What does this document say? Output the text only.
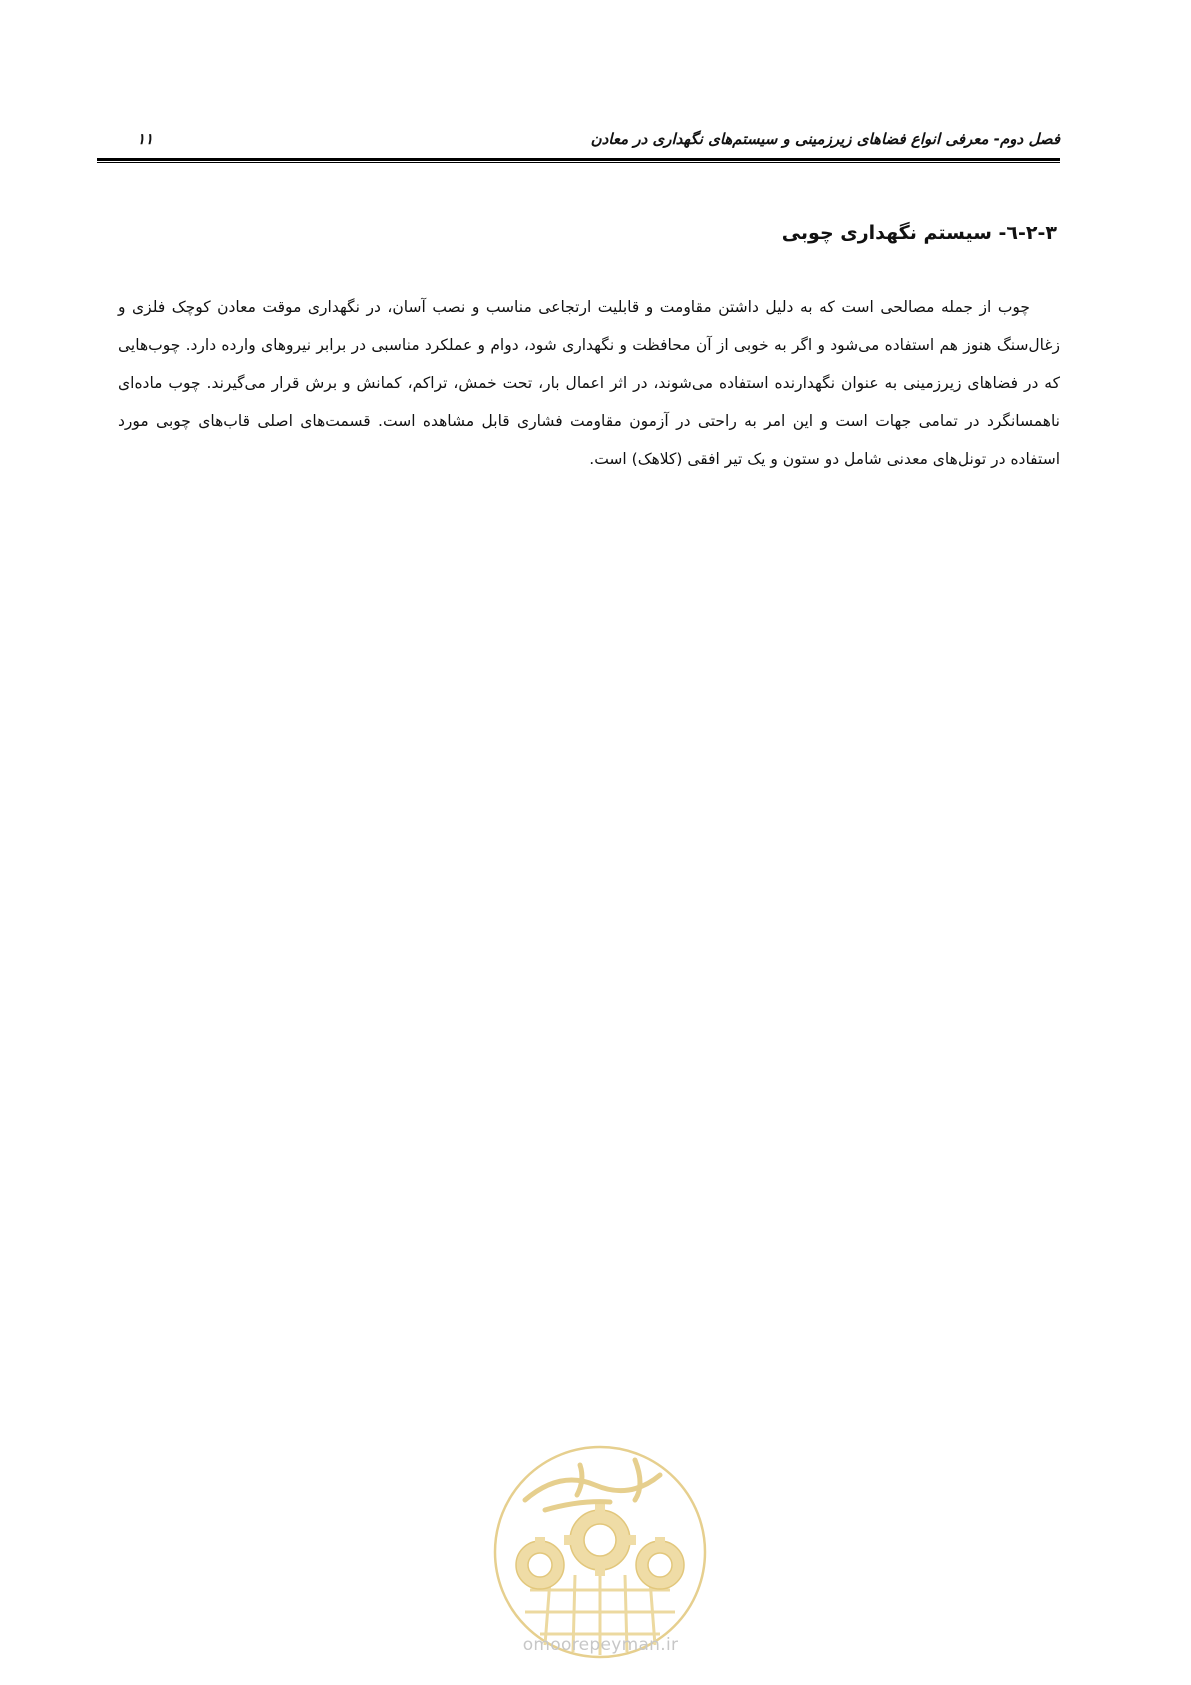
فصل دوم- معرفی انواع فضاهای زیرزمینی و سیستم‌های نگهداری در معادن
۱۱
۲-۳-٦- سیستم نگهداری چوبی

چوب از جمله مصالحی است که به دلیل داشتن مقاومت و قابلیت ارتجاعی مناسب و نصب آسان، در نگهداری موقت معادن کوچک فلزی و زغال‌سنگ هنوز هم استفاده می‌شود و اگر به خوبی از آن محافظت و نگهداری شود، دوام و عملکرد مناسبی در برابر نیروهای وارده دارد. چوب‌هایی که در فضاهای زیرزمینی به عنوان نگهدارنده استفاده می‌شوند، در اثر اعمال بار، تحت خمش، تراکم، کمانش و برش قرار می‌گیرند. چوب ماده‌ای ناهمسانگرد در تمامی جهات است و این امر به راحتی در آزمون مقاومت فشاری قابل مشاهده است. قسمت‌های اصلی قاب‌های چوبی مورد استفاده در تونل‌های معدنی شامل دو ستون و یک تیر افقی (کلاهک) است.

omoorepeyman.ir
